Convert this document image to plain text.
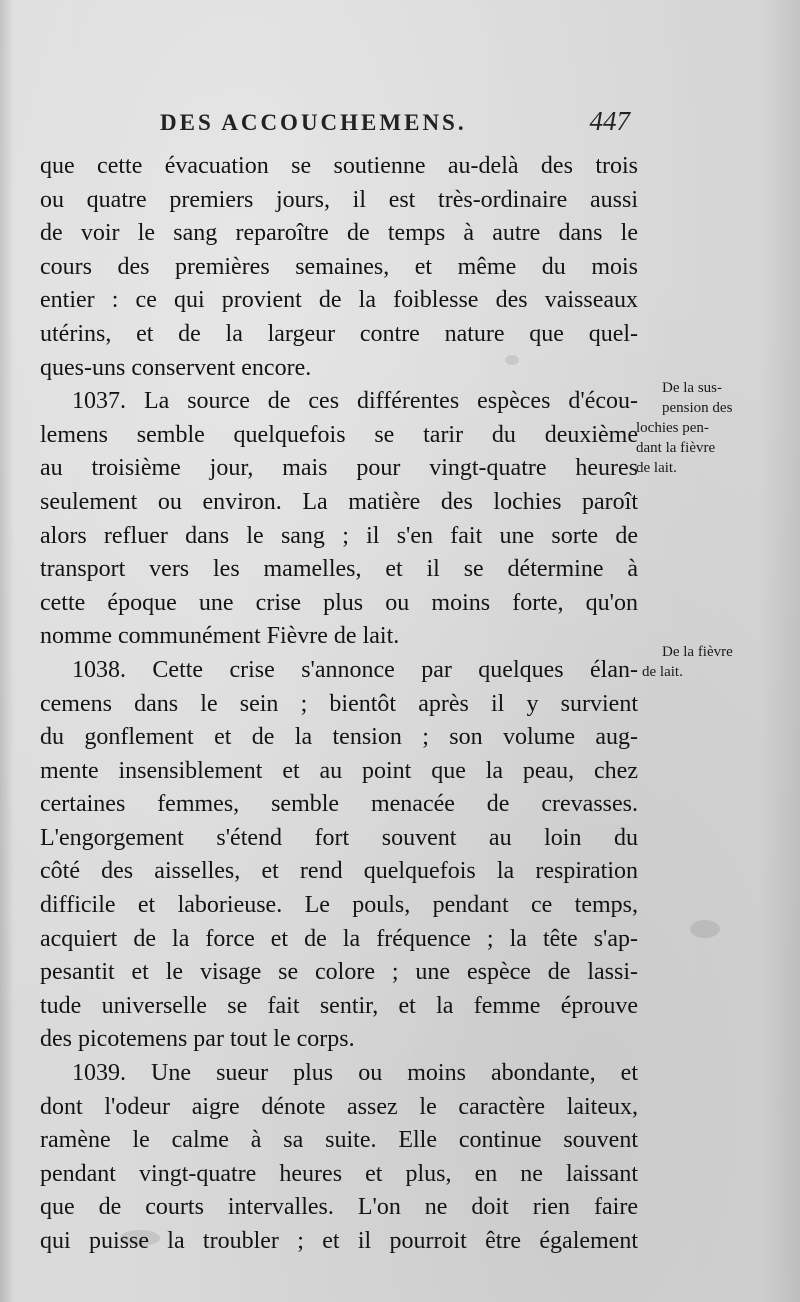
DES ACCOUCHEMENS.	447
que cette évacuation se soutienne au-delà des trois
ou quatre premiers jours, il est très-ordinaire aussi
de voir le sang reparoître de temps à autre dans le
cours des premières semaines, et même du mois
entier : ce qui provient de la foiblesse des vaisseaux
utérins, et de la largeur contre nature que quel-
ques-uns conservent encore.
1037. La source de ces différentes espèces d'écou-
lemens semble quelquefois se tarir du deuxième
au troisième jour, mais pour vingt-quatre heures
seulement ou environ. La matière des lochies paroît
alors refluer dans le sang ; il s'en fait une sorte de
transport vers les mamelles, et il se détermine à
cette époque une crise plus ou moins forte, qu'on
nomme communément Fièvre de lait.
1038. Cette crise s'annonce par quelques élan-
cemens dans le sein ; bientôt après il y survient
du gonflement et de la tension ; son volume aug-
mente insensiblement et au point que la peau, chez
certaines femmes, semble menacée de crevasses.
L'engorgement s'étend fort souvent au loin du
côté des aisselles, et rend quelquefois la respiration
difficile et laborieuse. Le pouls, pendant ce temps,
acquiert de la force et de la fréquence ; la tête s'ap-
pesantit et le visage se colore ; une espèce de lassi-
tude universelle se fait sentir, et la femme éprouve
des picotemens par tout le corps.
1039. Une sueur plus ou moins abondante, et
dont l'odeur aigre dénote assez le caractère laiteux,
ramène le calme à sa suite. Elle continue souvent
pendant vingt-quatre heures et plus, en ne laissant
que de courts intervalles. L'on ne doit rien faire
qui puisse la troubler ; et il pourroit être également
De la sus-
pension des
lochies pen-
dant la fièvre
de lait.
De la fièvre
de lait.
